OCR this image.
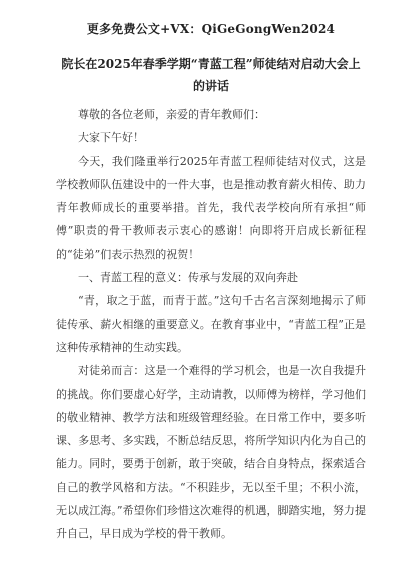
更多免费公文+VX：QiGeGongWen2024
院长在2025年春季学期“青蓝工程”师徒结对启动大会上的讲话

尊敬的各位老师，亲爱的青年教师们：

大家下午好！

今天，我们隆重举行2025年青蓝工程师徒结对仪式，这是学校教师队伍建设中的一件大事，也是推动教育薪火相传、助力青年教师成长的重要举措。首先，我代表学校向所有承担“师傅”职责的骨干教师表示衷心的感谢！向即将开启成长新征程的“徒弟”们表示热烈的祝贺！

一、青蓝工程的意义：传承与发展的双向奔赴

“青，取之于蓝，而青于蓝。”这句千古名言深刻地揭示了师徒传承、薪火相继的重要意义。在教育事业中，“青蓝工程”正是这种传承精神的生动实践。

对徒弟而言：这是一个难得的学习机会，也是一次自我提升的挑战。你们要虚心好学，主动请教，以师傅为榜样，学习他们的敬业精神、教学方法和班级管理经验。在日常工作中，要多听课、多思考、多实践，不断总结反思，将所学知识内化为自己的能力。同时，要勇于创新，敢于突破，结合自身特点，探索适合自己的教学风格和方法。“不积跬步，无以至千里；不积小流，无以成江海。”希望你们珍惜这次难得的机遇，脚踏实地，努力提升自己，早日成为学校的骨干教师。
